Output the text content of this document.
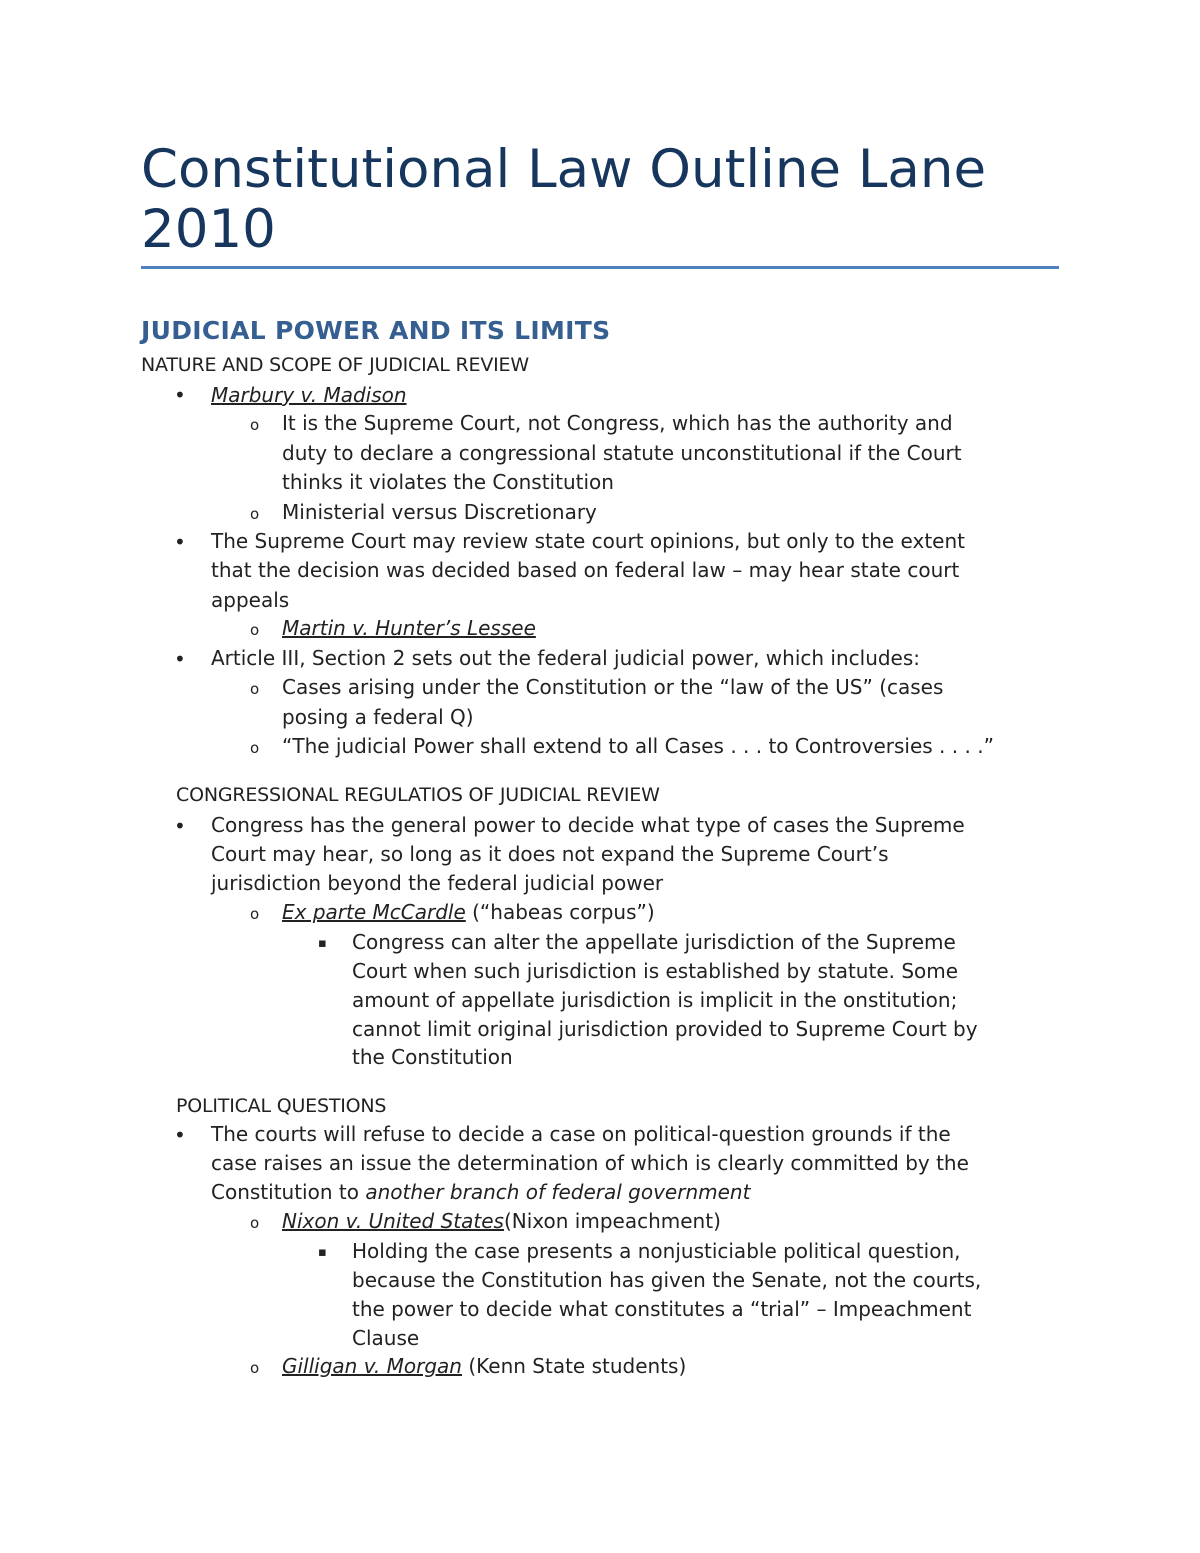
Constitutional Law Outline Lane
2010
JUDICIAL POWER AND ITS LIMITS
NATURE AND SCOPE OF JUDICIAL REVIEW
• Marbury v. Madison
o It is the Supreme Court, not Congress, which has the authority and
duty to declare a congressional statute unconstitutional if the Court
thinks it violates the Constitution
o Ministerial versus Discretionary
• The Supreme Court may review state court opinions, but only to the extent
that the decision was decided based on federal law – may hear state court
appeals
o Martin v. Hunter’s Lessee
• Article III, Section 2 sets out the federal judicial power, which includes:
o Cases arising under the Constitution or the “law of the US” (cases
posing a federal Q)
o “The judicial Power shall extend to all Cases . . . to Controversies . . . .”
CONGRESSIONAL REGULATIOS OF JUDICIAL REVIEW
• Congress has the general power to decide what type of cases the Supreme
Court may hear, so long as it does not expand the Supreme Court’s
jurisdiction beyond the federal judicial power
o Ex parte McCardle (“habeas corpus”)
▪ Congress can alter the appellate jurisdiction of the Supreme
Court when such jurisdiction is established by statute. Some
amount of appellate jurisdiction is implicit in the onstitution;
cannot limit original jurisdiction provided to Supreme Court by
the Constitution
POLITICAL QUESTIONS
• The courts will refuse to decide a case on political-question grounds if the
case raises an issue the determination of which is clearly committed by the
Constitution to another branch of federal government
o Nixon v. United States(Nixon impeachment)
▪ Holding the case presents a nonjusticiable political question,
because the Constitution has given the Senate, not the courts,
the power to decide what constitutes a “trial” – Impeachment
Clause
o Gilligan v. Morgan (Kenn State students)
